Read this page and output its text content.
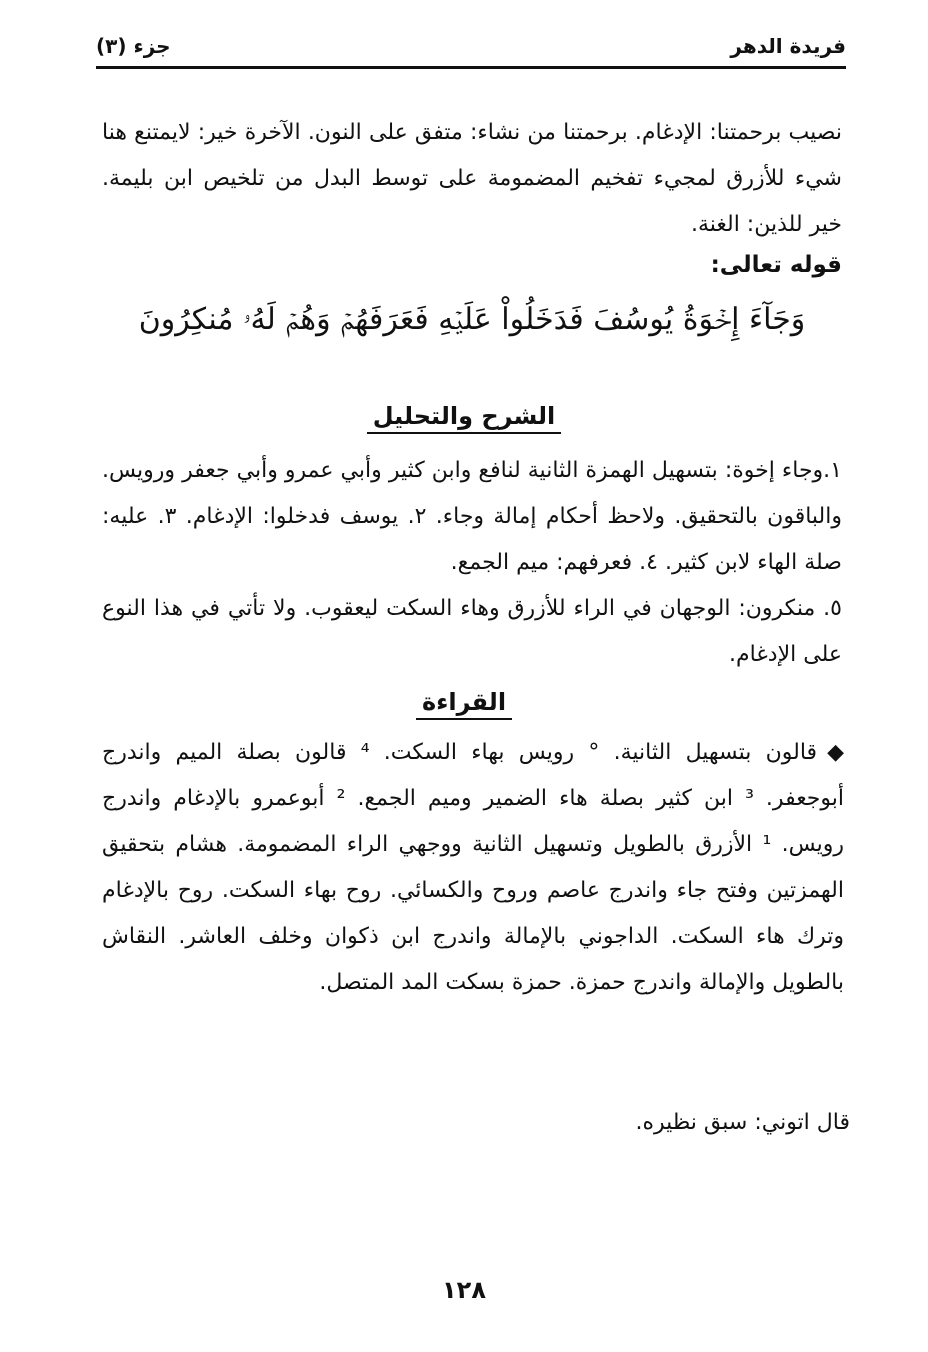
فريدة الدهر
جزء (٣)

نصيب برحمتنا: الإدغام. برحمتنا من نشاء: متفق على النون. الآخرة خير: لايمتنع هنا شيء للأزرق لمجيء تفخيم المضمومة على توسط البدل من تلخيص ابن بليمة. خير للذين: الغنة.

قوله تعالى:
وَجَآءَ إِخۡوَةُ يُوسُفَ فَدَخَلُواْ عَلَيۡهِ فَعَرَفَهُمۡ وَهُمۡ لَهُۥ مُنكِرُونَ
الشرح والتحليل

١.وجاء إخوة: بتسهيل الهمزة الثانية لنافع وابن كثير وأبي عمرو وأبي جعفر ورويس. والباقون بالتحقيق. ولاحظ أحكام إمالة وجاء. ٢. يوسف فدخلوا: الإدغام. ٣. عليه: صلة الهاء لابن كثير. ٤. فعرفهم: ميم الجمع.

٥. منكرون: الوجهان في الراء للأزرق وهاء السكت ليعقوب. ولا تأتي في هذا النوع على الإدغام.

القراءة

◆قالون بتسهيل الثانية. ° رويس بهاء السكت. ⁴ قالون بصلة الميم واندرج أبوجعفر. ³ ابن كثير بصلة هاء الضمير وميم الجمع. ² أبوعمرو بالإدغام واندرج رويس. ¹ الأزرق بالطويل وتسهيل الثانية ووجهي الراء المضمومة. هشام بتحقيق الهمزتين وفتح جاء واندرج عاصم وروح والكسائي. روح بهاء السكت. روح بالإدغام وترك هاء السكت. الداجوني بالإمالة واندرج ابن ذكوان وخلف العاشر. النقاش بالطويل والإمالة واندرج حمزة. حمزة بسكت المد المتصل.

قال اتوني: سبق نظيره.
١٢٨
